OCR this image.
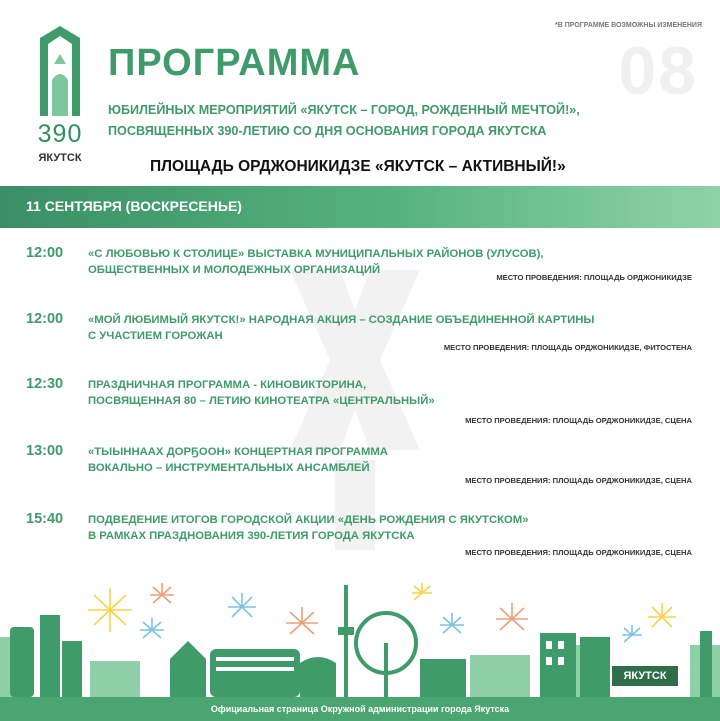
390
ЯКУТСК
*В ПРОГРАММЕ ВОЗМОЖНЫ ИЗМЕНЕНИЯ
08
ПРОГРАММА
ЮБИЛЕЙНЫХ МЕРОПРИЯТИЙ «ЯКУТСК – ГОРОД, РОЖДЕННЫЙ МЕЧТОЙ!»,
ПОСВЯЩЕННЫХ 390-ЛЕТИЮ СО ДНЯ ОСНОВАНИЯ ГОРОДА ЯКУТСКА
ПЛОЩАДЬ ОРДЖОНИКИДЗЕ «ЯКУТСК – АКТИВНЫЙ!»
11 СЕНТЯБРЯ (ВОСКРЕСЕНЬЕ)
12:00 «С ЛЮБОВЬЮ К СТОЛИЦЕ» ВЫСТАВКА МУНИЦИПАЛЬНЫХ РАЙОНОВ (УЛУСОВ),
ОБЩЕСТВЕННЫХ И МОЛОДЕЖНЫХ ОРГАНИЗАЦИЙ
МЕСТО ПРОВЕДЕНИЯ: ПЛОЩАДЬ ОРДЖОНИКИДЗЕ
12:00 «МОЙ ЛЮБИМЫЙ ЯКУТСК!» НАРОДНАЯ АКЦИЯ – СОЗДАНИЕ ОБЪЕДИНЕННОЙ КАРТИНЫ
С УЧАСТИЕМ ГОРОЖАН
МЕСТО ПРОВЕДЕНИЯ: ПЛОЩАДЬ ОРДЖОНИКИДЗЕ, ФИТОСТЕНА
12:30 ПРАЗДНИЧНАЯ ПРОГРАММА - КИНОВИКТОРИНА,
ПОСВЯЩЕННАЯ 80 – ЛЕТИЮ КИНОТЕАТРА «ЦЕНТРАЛЬНЫЙ»
МЕСТО ПРОВЕДЕНИЯ: ПЛОЩАДЬ ОРДЖОНИКИДЗЕ, СЦЕНА
13:00 «ТЫЫННААХ ДОРҔООН» КОНЦЕРТНАЯ ПРОГРАММА
ВОКАЛЬНО – ИНСТРУМЕНТАЛЬНЫХ АНСАМБЛЕЙ
МЕСТО ПРОВЕДЕНИЯ: ПЛОЩАДЬ ОРДЖОНИКИДЗЕ, СЦЕНА
15:40 ПОДВЕДЕНИЕ ИТОГОВ ГОРОДСКОЙ АКЦИИ «ДЕНЬ РОЖДЕНИЯ С ЯКУТСКОМ»
В РАМКАХ ПРАЗДНОВАНИЯ 390-ЛЕТИЯ ГОРОДА ЯКУТСКА
МЕСТО ПРОВЕДЕНИЯ: ПЛОЩАДЬ ОРДЖОНИКИДЗЕ, СЦЕНА
ЯКУТСК
Официальная страница Окружной администрации города Якутска
